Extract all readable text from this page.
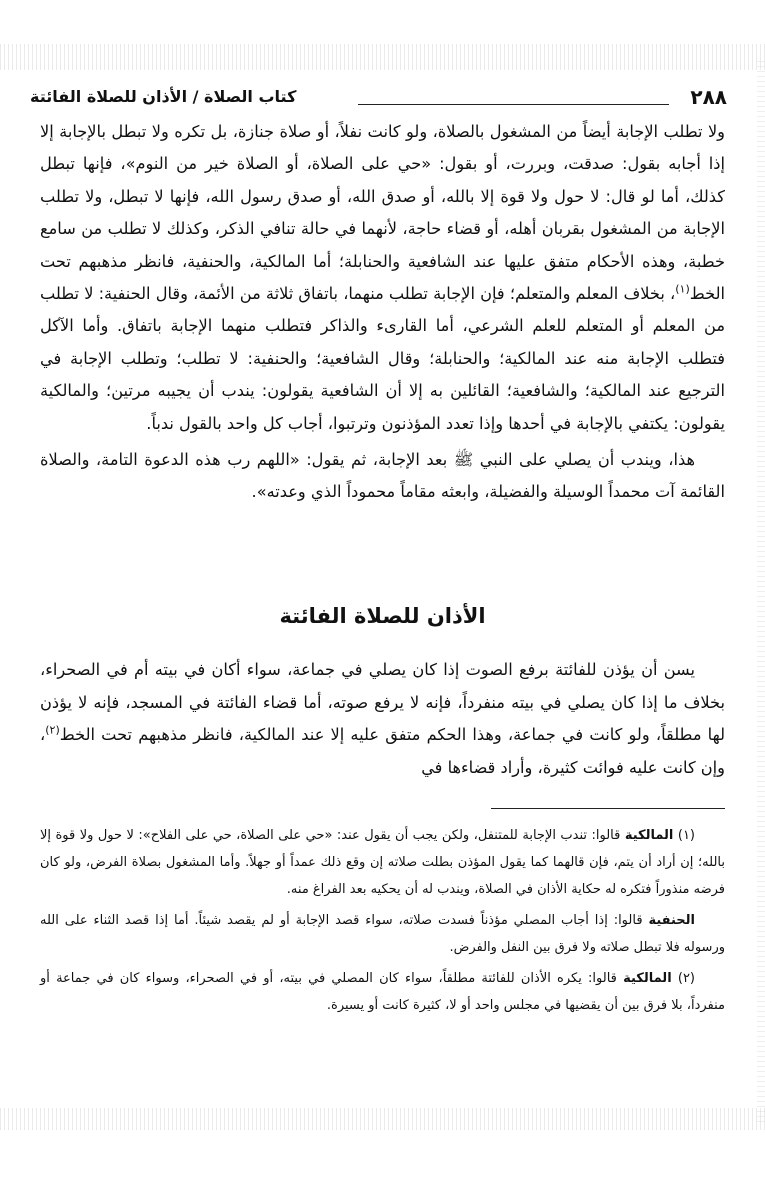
٢٨٨
كتاب الصلاة / الأذان للصلاة الفائتة

ولا تطلب الإجابة أيضاً من المشغول بالصلاة، ولو كانت نفلاً، أو صلاة جنازة، بل تكره ولا تبطل بالإجابة إلا إذا أجابه بقول: صدقت، وبررت، أو بقول: «حي على الصلاة، أو الصلاة خير من النوم»، فإنها تبطل كذلك، أما لو قال: لا حول ولا قوة إلا بالله، أو صدق الله، أو صدق رسول الله، فإنها لا تبطل، ولا تطلب الإجابة من المشغول بقربان أهله، أو قضاء حاجة، لأنهما في حالة تنافي الذكر، وكذلك لا تطلب من سامع خطبة، وهذه الأحكام متفق عليها عند الشافعية والحنابلة؛ أما المالكية، والحنفية، فانظر مذهبهم تحت الخط$^{(١)}$، بخلاف المعلم والمتعلم؛ فإن الإجابة تطلب منهما، باتفاق ثلاثة من الأئمة، وقال الحنفية: لا تطلب من المعلم أو المتعلم للعلم الشرعي، أما القارىء والذاكر فتطلب منهما الإجابة باتفاق. وأما الآكل فتطلب الإجابة منه عند المالكية؛ والحنابلة؛ وقال الشافعية؛ والحنفية: لا تطلب؛ وتطلب الإجابة في الترجيع عند المالكية؛ والشافعية؛ القائلين به إلا أن الشافعية يقولون: يندب أن يجيبه مرتين؛ والمالكية يقولون: يكتفي بالإجابة في أحدها وإذا تعدد المؤذنون وترتبوا، أجاب كل واحد بالقول ندباً.

هذا، ويندب أن يصلي على النبي ﷺ بعد الإجابة، ثم يقول: «اللهم رب هذه الدعوة التامة، والصلاة القائمة آت محمداً الوسيلة والفضيلة، وابعثه مقاماً محموداً الذي وعدته».

الأذان للصلاة الفائتة

يسن أن يؤذن للفائتة برفع الصوت إذا كان يصلي في جماعة، سواء أكان في بيته أم في الصحراء، بخلاف ما إذا كان يصلي في بيته منفرداً، فإنه لا يرفع صوته، أما قضاء الفائتة في المسجد، فإنه لا يؤذن لها مطلقاً، ولو كانت في جماعة، وهذا الحكم متفق عليه إلا عند المالكية، فانظر مذهبهم تحت الخط$^{(٢)}$، وإن كانت عليه فوائت كثيرة، وأراد قضاءها في

(١) المالكية قالوا: تندب الإجابة للمتنفل، ولكن يجب أن يقول عند: «حي على الصلاة، حي على الفلاح»: لا حول ولا قوة إلا بالله؛ إن أراد أن يتم، فإن قالهما كما يقول المؤذن بطلت صلاته إن وقع ذلك عمداً أو جهلاً. وأما المشغول بصلاة الفرض، ولو كان فرضه منذوراً فتكره له حكاية الأذان في الصلاة، ويندب له أن يحكيه بعد الفراغ منه.

الحنفية قالوا: إذا أجاب المصلي مؤذناً فسدت صلاته، سواء قصد الإجابة أو لم يقصد شيئاً. أما إذا قصد الثناء على الله ورسوله فلا تبطل صلاته ولا فرق بين النفل والفرض.

(٢) المالكية قالوا: يكره الأذان للفائتة مطلقاً، سواء كان المصلي في بيته، أو في الصحراء، وسواء كان في جماعة أو منفرداً، بلا فرق بين أن يقضيها في مجلس واحد أو لا، كثيرة كانت أو يسيرة.
